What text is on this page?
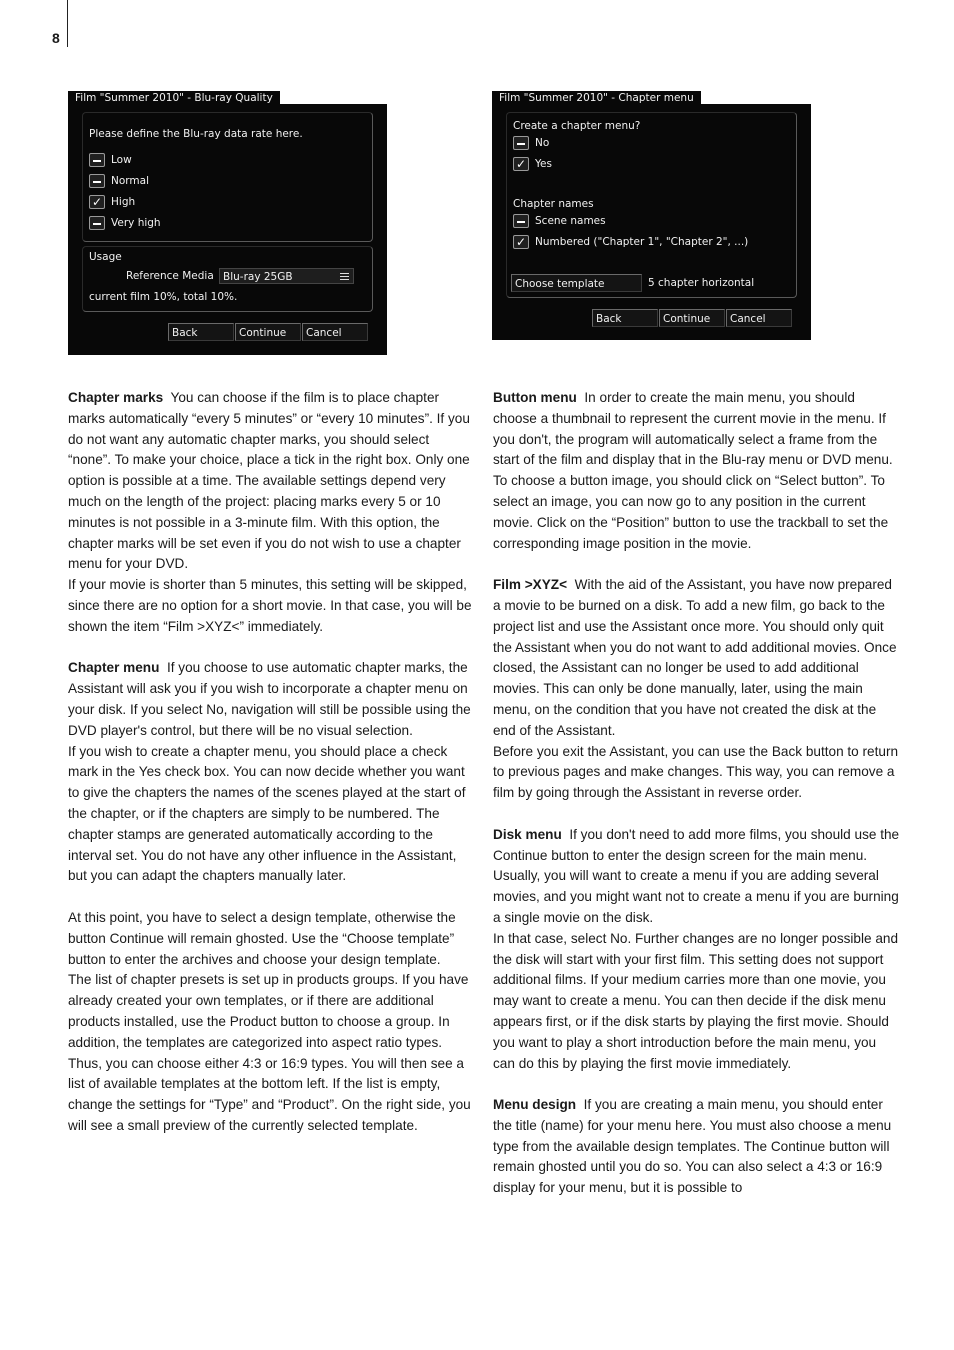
8
Film "Summer 2010" - Blu-ray Quality
Please define the Blu-ray data rate here.
Low
Normal
✓ High
Very high
Usage
Reference Media Blu-ray 25GB
current film 10%, total 10%.
Back	Continue	Cancel
Film "Summer 2010" - Chapter menu
Create a chapter menu?
No
✓ Yes
Chapter names
Scene names
✓ Numbered ("Chapter 1", "Chapter 2", ...)
Choose template	5 chapter horizontal
Back	Continue	Cancel

Chapter marks You can choose if the film is to place chapter marks automatically “every 5 minutes” or “every 10 minutes”. If you do not want any automatic chapter marks, you should select “none”. To make your choice, place a tick in the right box. Only one option is possible at a time. The available settings depend very much on the length of the project: placing marks every 5 or 10 minutes is not possible in a 3-minute film. With this option, the chapter marks will be set even if you do not wish to use a chapter menu for your DVD.

If your movie is shorter than 5 minutes, this setting will be skipped, since there are no option for a short movie. In that case, you will be shown the item “Film >XYZ<” immediately.

Chapter menu If you choose to use automatic chapter marks, the Assistant will ask you if you wish to incorporate a chapter menu on your disk. If you select No, navigation will still be possible using the DVD player's control, but there will be no visual selection.

If you wish to create a chapter menu, you should place a check mark in the Yes check box. You can now decide whether you want to give the chapters the names of the scenes played at the start of the chapter, or if the chapters are simply to be numbered. The chapter stamps are generated automatically according to the interval set. You do not have any other influence in the Assistant, but you can adapt the chapters manually later.

At this point, you have to select a design template, otherwise the button Continue will remain ghosted. Use the “Choose template” button to enter the archives and choose your design template.

The list of chapter presets is set up in products groups. If you have already created your own templates, or if there are additional products installed, use the Product button to choose a group. In addition, the templates are categorized into aspect ratio types. Thus, you can choose either 4:3 or 16:9 types. You will then see a list of available templates at the bottom left. If the list is empty, change the settings for “Type” and “Product”. On the right side, you will see a small preview of the currently selected template.

Button menu In order to create the main menu, you should choose a thumbnail to represent the current movie in the menu. If you don't, the program will automatically select a frame from the start of the film and display that in the Blu-ray menu or DVD menu.

To choose a button image, you should click on “Select button”. To select an image, you can now go to any position in the current movie. Click on the “Position” button to use the trackball to set the corresponding image position in the movie.

Film >XYZ< With the aid of the Assistant, you have now prepared a movie to be burned on a disk. To add a new film, go back to the project list and use the Assistant once more. You should only quit the Assistant when you do not want to add additional movies. Once closed, the Assistant can no longer be used to add additional movies. This can only be done manually, later, using the main menu, on the condition that you have not created the disk at the end of the Assistant.

Before you exit the Assistant, you can use the Back button to return to previous pages and make changes. This way, you can remove a film by going through the Assistant in reverse order.

Disk menu If you don't need to add more films, you should use the Continue button to enter the design screen for the main menu. Usually, you will want to create a menu if you are adding several movies, and you might want not to create a menu if you are burning a single movie on the disk.

In that case, select No. Further changes are no longer possible and the disk will start with your first film. This setting does not support additional films. If your medium carries more than one movie, you may want to create a menu. You can then decide if the disk menu appears first, or if the disk starts by playing the first movie. Should you want to play a short introduction before the main menu, you can do this by playing the first movie immediately.

Menu design If you are creating a main menu, you should enter the title (name) for your menu here. You must also choose a menu type from the available design templates. The Continue button will remain ghosted until you do so. You can also select a 4:3 or 16:9 display for your menu, but it is possible to
